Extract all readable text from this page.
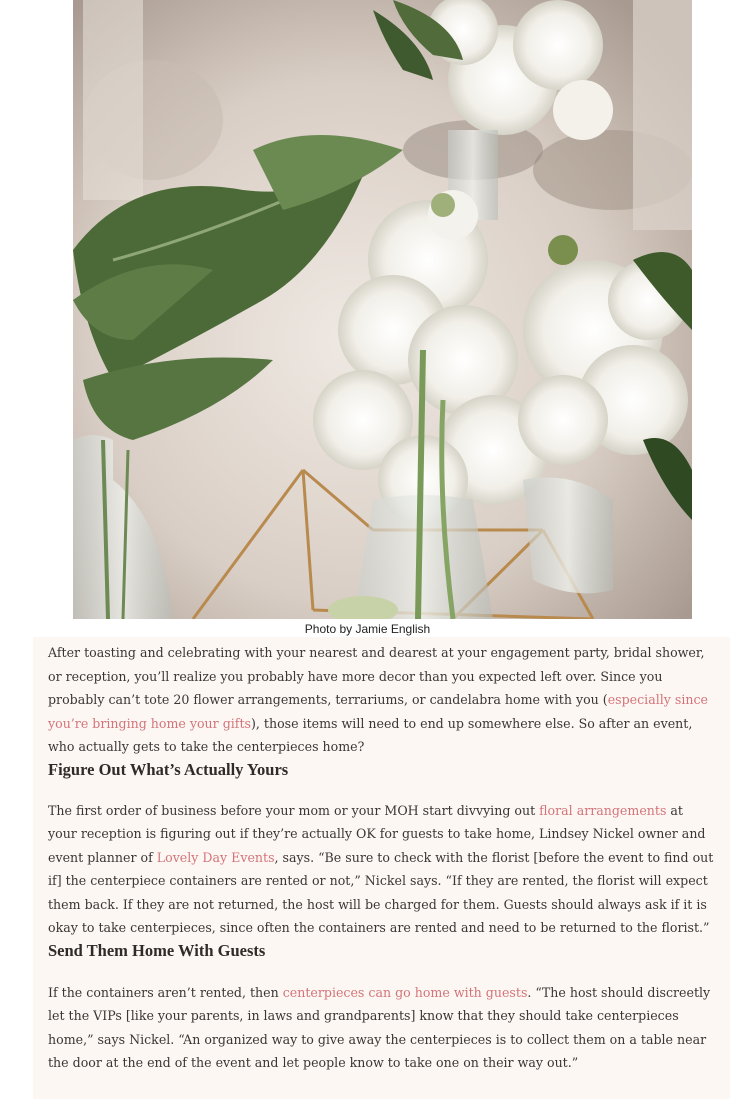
Photo by Jamie English

After toasting and celebrating with your nearest and dearest at your engagement party, bridal shower, or reception, you’ll realize you probably have more decor than you expected left over. Since you probably can’t tote 20 flower arrangements, terrariums, or candelabra home with you (especially since you’re bringing home your gifts), those items will need to end up somewhere else. So after an event, who actually gets to take the centerpieces home?

Figure Out What’s Actually Yours

The first order of business before your mom or your MOH start divvying out floral arrangements at your reception is figuring out if they’re actually OK for guests to take home, Lindsey Nickel owner and event planner of Lovely Day Events, says. “Be sure to check with the florist [before the event to find out if] the centerpiece containers are rented or not,” Nickel says. “If they are rented, the florist will expect them back. If they are not returned, the host will be charged for them. Guests should always ask if it is okay to take centerpieces, since often the containers are rented and need to be returned to the florist.”

Send Them Home With Guests

If the containers aren’t rented, then centerpieces can go home with guests. “The host should discreetly let the VIPs [like your parents, in laws and grandparents] know that they should take centerpieces home,” says Nickel. “An organized way to give away the centerpieces is to collect them on a table near the door at the end of the event and let people know to take one on their way out.”
